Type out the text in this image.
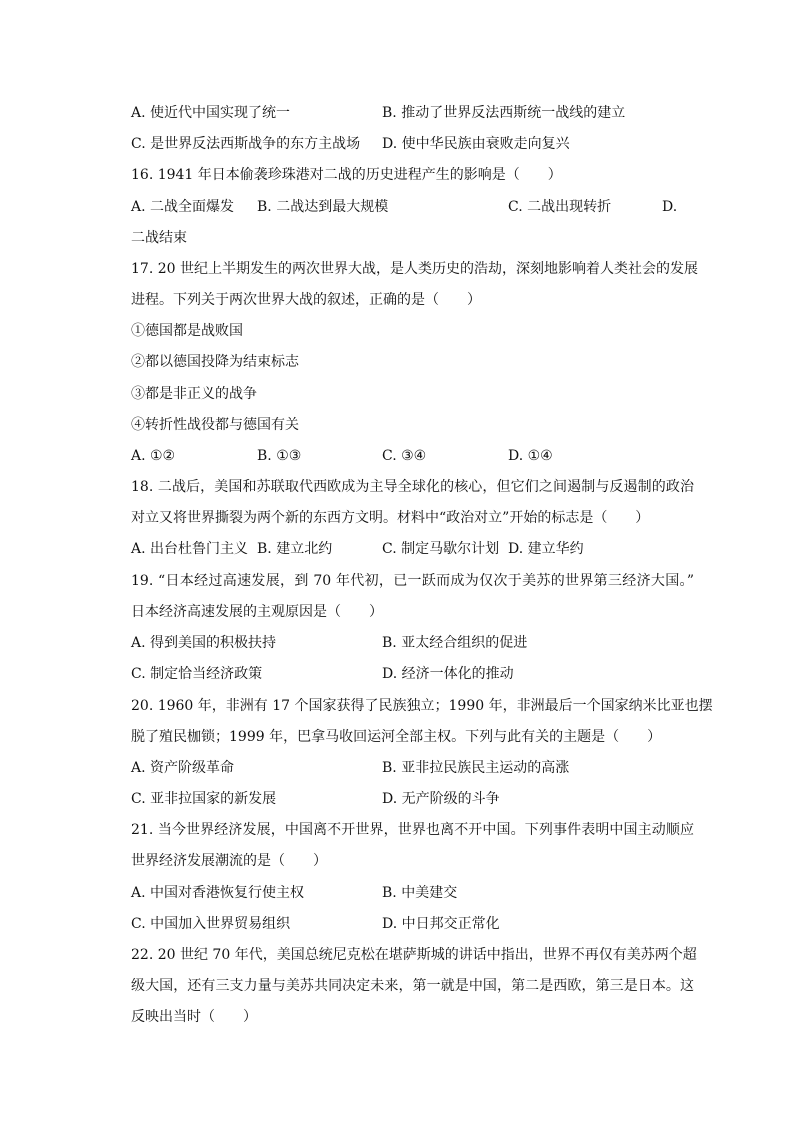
A. 使近代中国实现了统一	B. 推动了世界反法西斯统一战线的建立
C. 是世界反法西斯战争的东方主战场 D. 使中华民族由衰败走向复兴
16. 1941 年日本偷袭珍珠港对二战的历史进程产生的影响是（　　）
A. 二战全面爆发 B. 二战达到最大规模	C. 二战出现转折	D.
二战结束
17. 20 世纪上半期发生的两次世界大战，是人类历史的浩劫，深刻地影响着人类社会的发展
进程。下列关于两次世界大战的叙述，正确的是（　　）
①德国都是战败国
②都以德国投降为结束标志
③都是非正义的战争
④转折性战役都与德国有关
A. ①②	B. ①③	C. ③④	D. ①④
18. 二战后，美国和苏联取代西欧成为主导全球化的核心，但它们之间遏制与反遏制的政治
对立又将世界撕裂为两个新的东西方文明。材料中“政治对立”开始的标志是（　　）
A. 出台杜鲁门主义 B. 建立北约	C. 制定马歇尔计划 D. 建立华约
19. “日本经过高速发展，到 70 年代初，已一跃而成为仅次于美苏的世界第三经济大国。”
日本经济高速发展的主观原因是（　　）
A. 得到美国的积极扶持	B. 亚太经合组织的促进
C. 制定恰当经济政策	D. 经济一体化的推动
20. 1960 年，非洲有 17 个国家获得了民族独立；1990 年，非洲最后一个国家纳米比亚也摆
脱了殖民枷锁；1999 年，巴拿马收回运河全部主权。下列与此有关的主题是（　　）
A. 资产阶级革命	B. 亚非拉民族民主运动的高涨
C. 亚非拉国家的新发展	D. 无产阶级的斗争
21. 当今世界经济发展，中国离不开世界，世界也离不开中国。下列事件表明中国主动顺应
世界经济发展潮流的是（　　）
A. 中国对香港恢复行使主权	B. 中美建交
C. 中国加入世界贸易组织	D. 中日邦交正常化
22. 20 世纪 70 年代，美国总统尼克松在堪萨斯城的讲话中指出，世界不再仅有美苏两个超
级大国，还有三支力量与美苏共同决定未来，第一就是中国，第二是西欧，第三是日本。这
反映出当时（　　）
